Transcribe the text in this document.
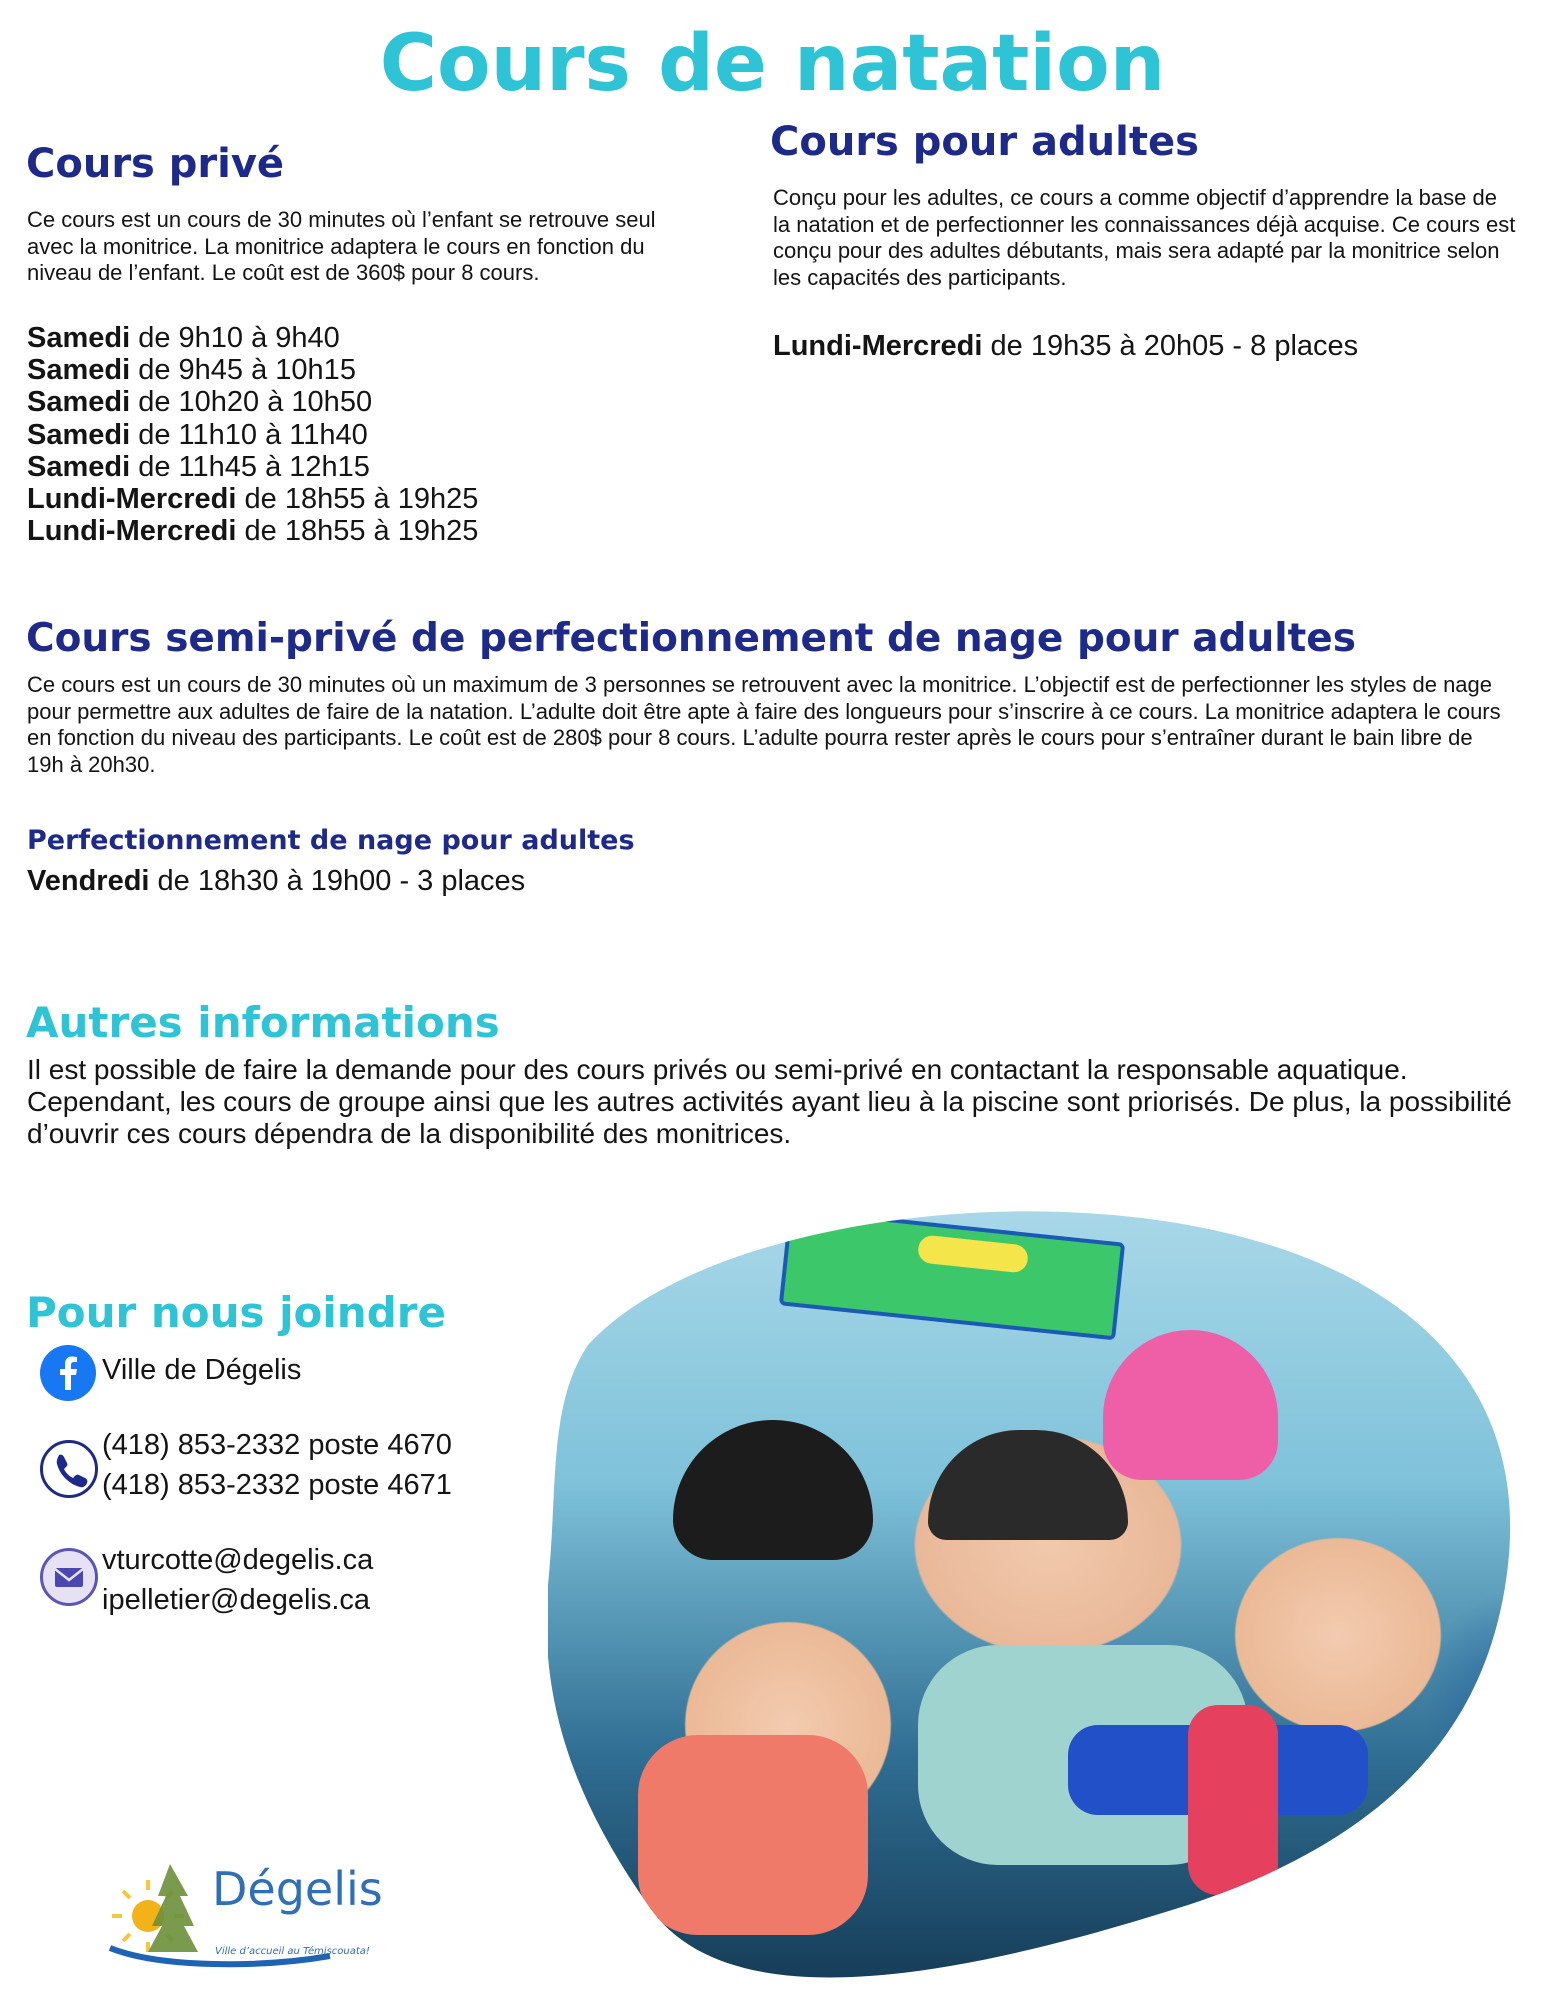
Cours de natation
Cours privé
Ce cours est un cours de 30 minutes où l’enfant se retrouve seul avec la monitrice. La monitrice adaptera le cours en fonction du niveau de l’enfant. Le coût est de 360$ pour 8 cours.
Samedi de 9h10 à 9h40
Samedi de 9h45 à 10h15
Samedi de 10h20 à 10h50
Samedi de 11h10 à 11h40
Samedi de 11h45 à 12h15
Lundi-Mercredi de 18h55 à 19h25
Lundi-Mercredi de 18h55 à 19h25
Cours pour adultes
Conçu pour les adultes, ce cours a comme objectif d’apprendre la base de la natation et de perfectionner les connaissances déjà acquise. Ce cours est conçu pour des adultes débutants, mais sera adapté par la monitrice selon les capacités des participants.
Lundi-Mercredi de 19h35 à 20h05 - 8 places
Cours semi-privé de perfectionnement de nage pour adultes
Ce cours est un cours de 30 minutes où un maximum de 3 personnes se retrouvent avec la monitrice. L’objectif est de perfectionner les styles de nage pour permettre aux adultes de faire de la natation. L’adulte doit être apte à faire des longueurs pour s’inscrire à ce cours. La monitrice adaptera le cours en fonction du niveau des participants. Le coût est de 280$ pour 8 cours. L’adulte pourra rester après le cours pour s’entraîner durant le bain libre de 19h à 20h30.
Perfectionnement de nage pour adultes
Vendredi de 18h30 à 19h00 - 3 places
Autres informations
Il est possible de faire la demande pour des cours privés ou semi-privé en contactant la responsable aquatique. Cependant, les cours de groupe ainsi que les autres activités ayant lieu à la piscine sont priorisés. De plus, la possibilité d’ouvrir ces cours dépendra de la disponibilité des monitrices.
Pour nous joindre
Ville de Dégelis
(418) 853-2332 poste 4670
(418) 853-2332 poste 4671
vturcotte@degelis.ca
ipelletier@degelis.ca
Dégelis
Ville d’accueil au Témiscouata!
